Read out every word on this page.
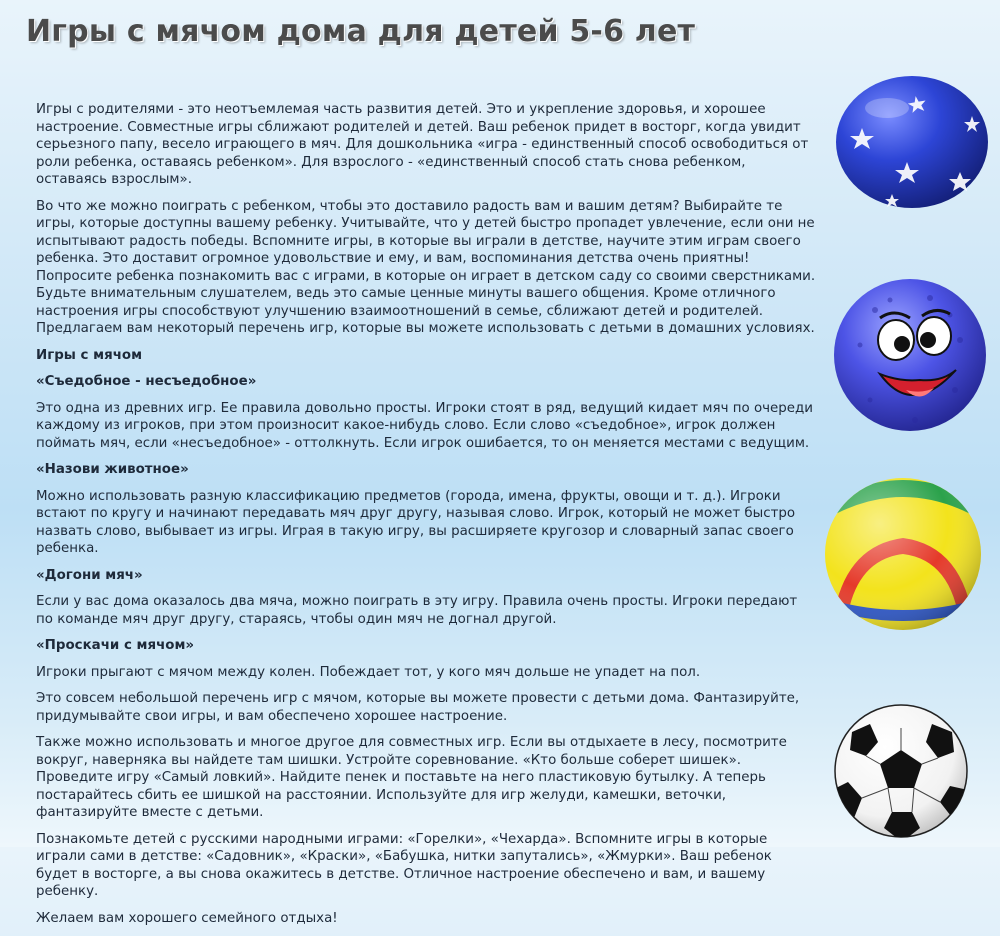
Игры с мячом дома для детей 5-6 лет

Игры с родителями - это неотъемлемая часть развития детей. Это и укрепление здоровья, и хорошее настроение. Совместные игры сближают родителей и детей. Ваш ребенок придет в восторг, когда увидит серьезного папу, весело играющего в мяч. Для дошкольника «игра - единственный способ освободиться от роли ребенка, оставаясь ребенком». Для взрослого - «единственный способ стать снова ребенком, оставаясь взрослым».

Во что же можно поиграть с ребенком, чтобы это доставило радость вам и вашим детям? Выбирайте те игры, которые доступны вашему ребенку. Учитывайте, что у детей быстро пропадет увлечение, если они не испытывают радость победы. Вспомните игры, в которые вы играли в детстве, научите этим играм своего ребенка. Это доставит огромное удовольствие и ему, и вам, воспоминания детства очень приятны! Попросите ребенка познакомить вас с играми, в которые он играет в детском саду со своими сверстниками. Будьте внимательным слушателем, ведь это самые ценные минуты вашего общения. Кроме отличного настроения игры способствуют улучшению взаимоотношений в семье, сближают детей и родителей. Предлагаем вам некоторый перечень игр, которые вы можете использовать с детьми в домашних условиях.

Игры с мячом
«Съедобное - несъедобное»

Это одна из древних игр. Ее правила довольно просты. Игроки стоят в ряд, ведущий кидает мяч по очереди каждому из игроков, при этом произносит какое-нибудь слово. Если слово «съедобное», игрок должен поймать мяч, если «несъедобное» - оттолкнуть. Если игрок ошибается, то он меняется местами с ведущим.

«Назови животное»

Можно использовать разную классификацию предметов (города, имена, фрукты, овощи и т. д.). Игроки встают по кругу и начинают передавать мяч друг другу, называя слово. Игрок, который не может быстро назвать слово, выбывает из игры. Играя в такую игру, вы расширяете кругозор и словарный запас своего ребенка.

«Догони мяч»

Если у вас дома оказалось два мяча, можно поиграть в эту игру. Правила очень просты. Игроки передают по команде мяч друг другу, стараясь, чтобы один мяч не догнал другой.

«Проскачи с мячом»

Игроки прыгают с мячом между колен. Побеждает тот, у кого мяч дольше не упадет на пол.

Это совсем небольшой перечень игр с мячом, которые вы можете провести с детьми дома. Фантазируйте, придумывайте свои игры, и вам обеспечено хорошее настроение.

Также можно использовать и многое другое для совместных игр. Если вы отдыхаете в лесу, посмотрите вокруг, наверняка вы найдете там шишки. Устройте соревнование. «Кто больше соберет шишек». Проведите игру «Самый ловкий». Найдите пенек и поставьте на него пластиковую бутылку. А теперь постарайтесь сбить ее шишкой на расстоянии. Используйте для игр желуди, камешки, веточки, фантазируйте вместе с детьми.

Познакомьте детей с русскими народными играми: «Горелки», «Чехарда». Вспомните игры в которые играли сами в детстве: «Садовник», «Краски», «Бабушка, нитки запутались», «Жмурки». Ваш ребенок будет в восторге, а вы снова окажитесь в детстве. Отличное настроение обеспечено и вам, и вашему ребенку.

Желаем вам хорошего семейного отдыха!
